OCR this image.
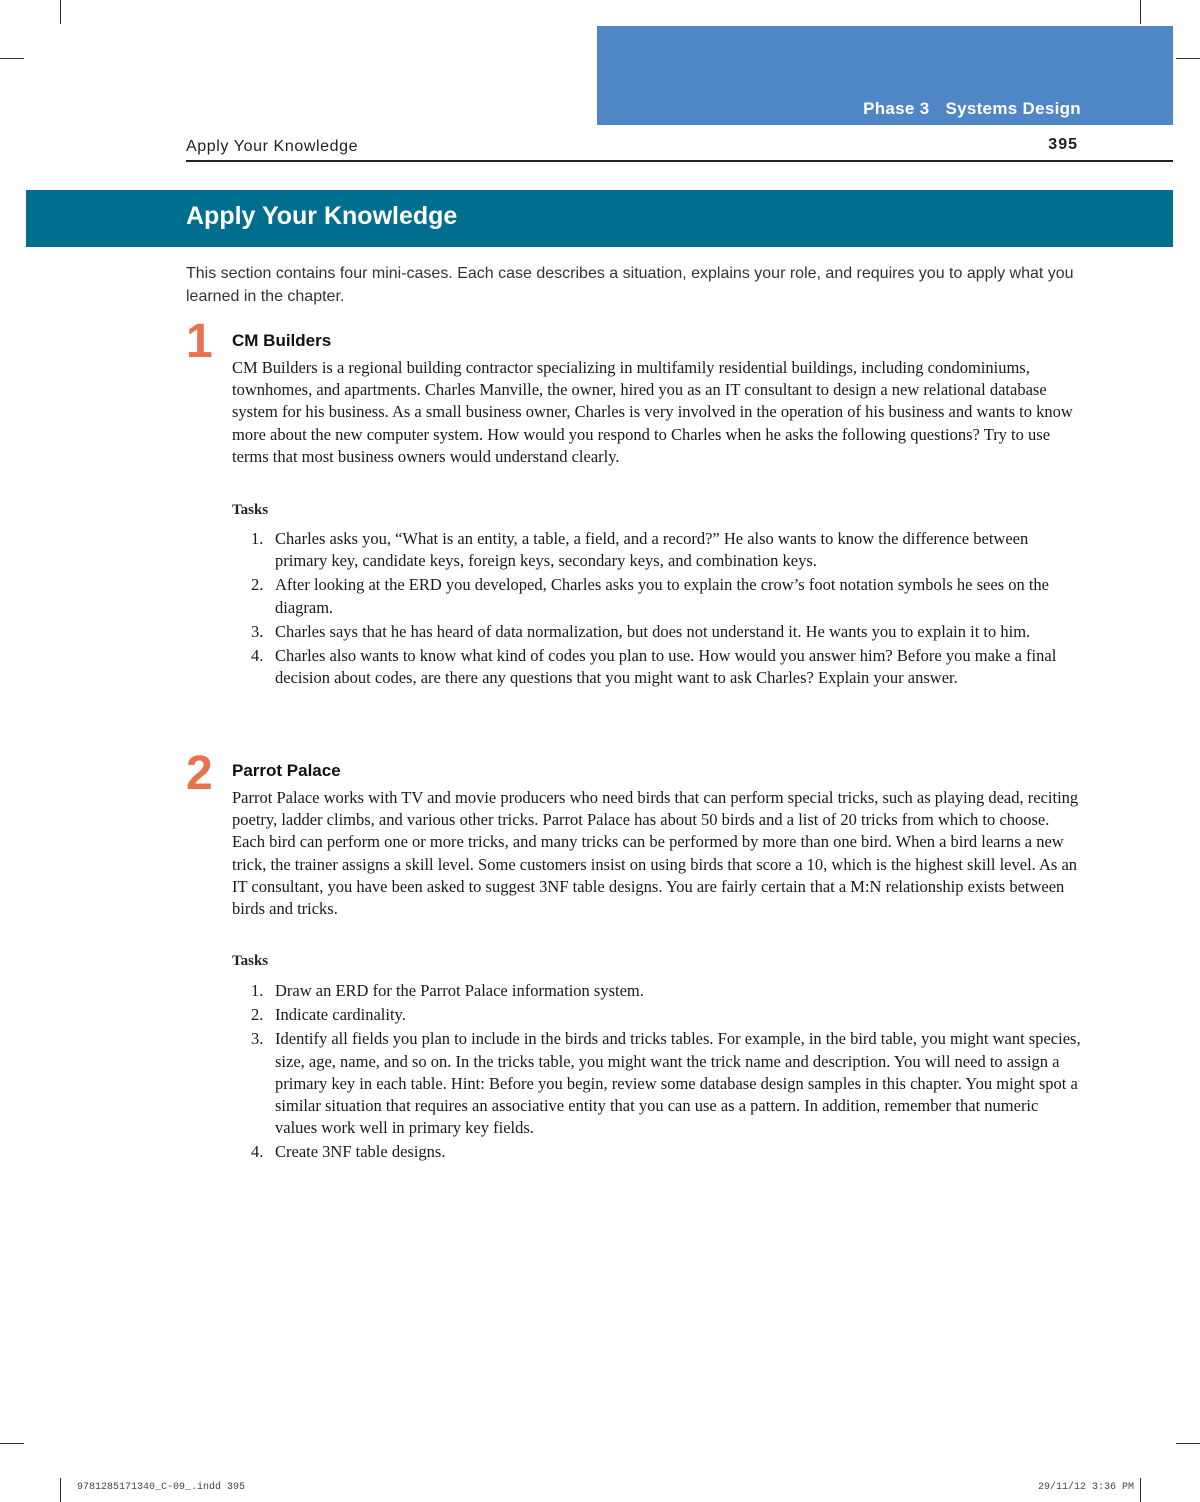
Phase 3 Systems Design
Apply Your Knowledge	395
Apply Your Knowledge
This section contains four mini-cases. Each case describes a situation, explains your role, and requires you to apply what you learned in the chapter.
1 CM Builders
CM Builders is a regional building contractor specializing in multifamily residential buildings, including condominiums, townhomes, and apartments. Charles Manville, the owner, hired you as an IT consultant to design a new relational database system for his business. As a small business owner, Charles is very involved in the operation of his business and wants to know more about the new computer system. How would you respond to Charles when he asks the following questions? Try to use terms that most business owners would understand clearly.
Tasks
1. Charles asks you, “What is an entity, a table, a field, and a record?” He also wants to know the difference between primary key, candidate keys, foreign keys, secondary keys, and combination keys.
2. After looking at the ERD you developed, Charles asks you to explain the crow’s foot notation symbols he sees on the diagram.
3. Charles says that he has heard of data normalization, but does not understand it. He wants you to explain it to him.
4. Charles also wants to know what kind of codes you plan to use. How would you answer him? Before you make a final decision about codes, are there any questions that you might want to ask Charles? Explain your answer.
2 Parrot Palace
Parrot Palace works with TV and movie producers who need birds that can perform special tricks, such as playing dead, reciting poetry, ladder climbs, and various other tricks. Parrot Palace has about 50 birds and a list of 20 tricks from which to choose. Each bird can perform one or more tricks, and many tricks can be performed by more than one bird. When a bird learns a new trick, the trainer assigns a skill level. Some customers insist on using birds that score a 10, which is the highest skill level. As an IT consultant, you have been asked to suggest 3NF table designs. You are fairly certain that a M:N relationship exists between birds and tricks.
Tasks
1. Draw an ERD for the Parrot Palace information system.
2. Indicate cardinality.
3. Identify all fields you plan to include in the birds and tricks tables. For example, in the bird table, you might want species, size, age, name, and so on. In the tricks table, you might want the trick name and description. You will need to assign a primary key in each table. Hint: Before you begin, review some database design samples in this chapter. You might spot a similar situation that requires an associative entity that you can use as a pattern. In addition, remember that numeric values work well in primary key fields.
4. Create 3NF table designs.
9781285171340_C-09_.indd 395	29/11/12 3:36 PM
